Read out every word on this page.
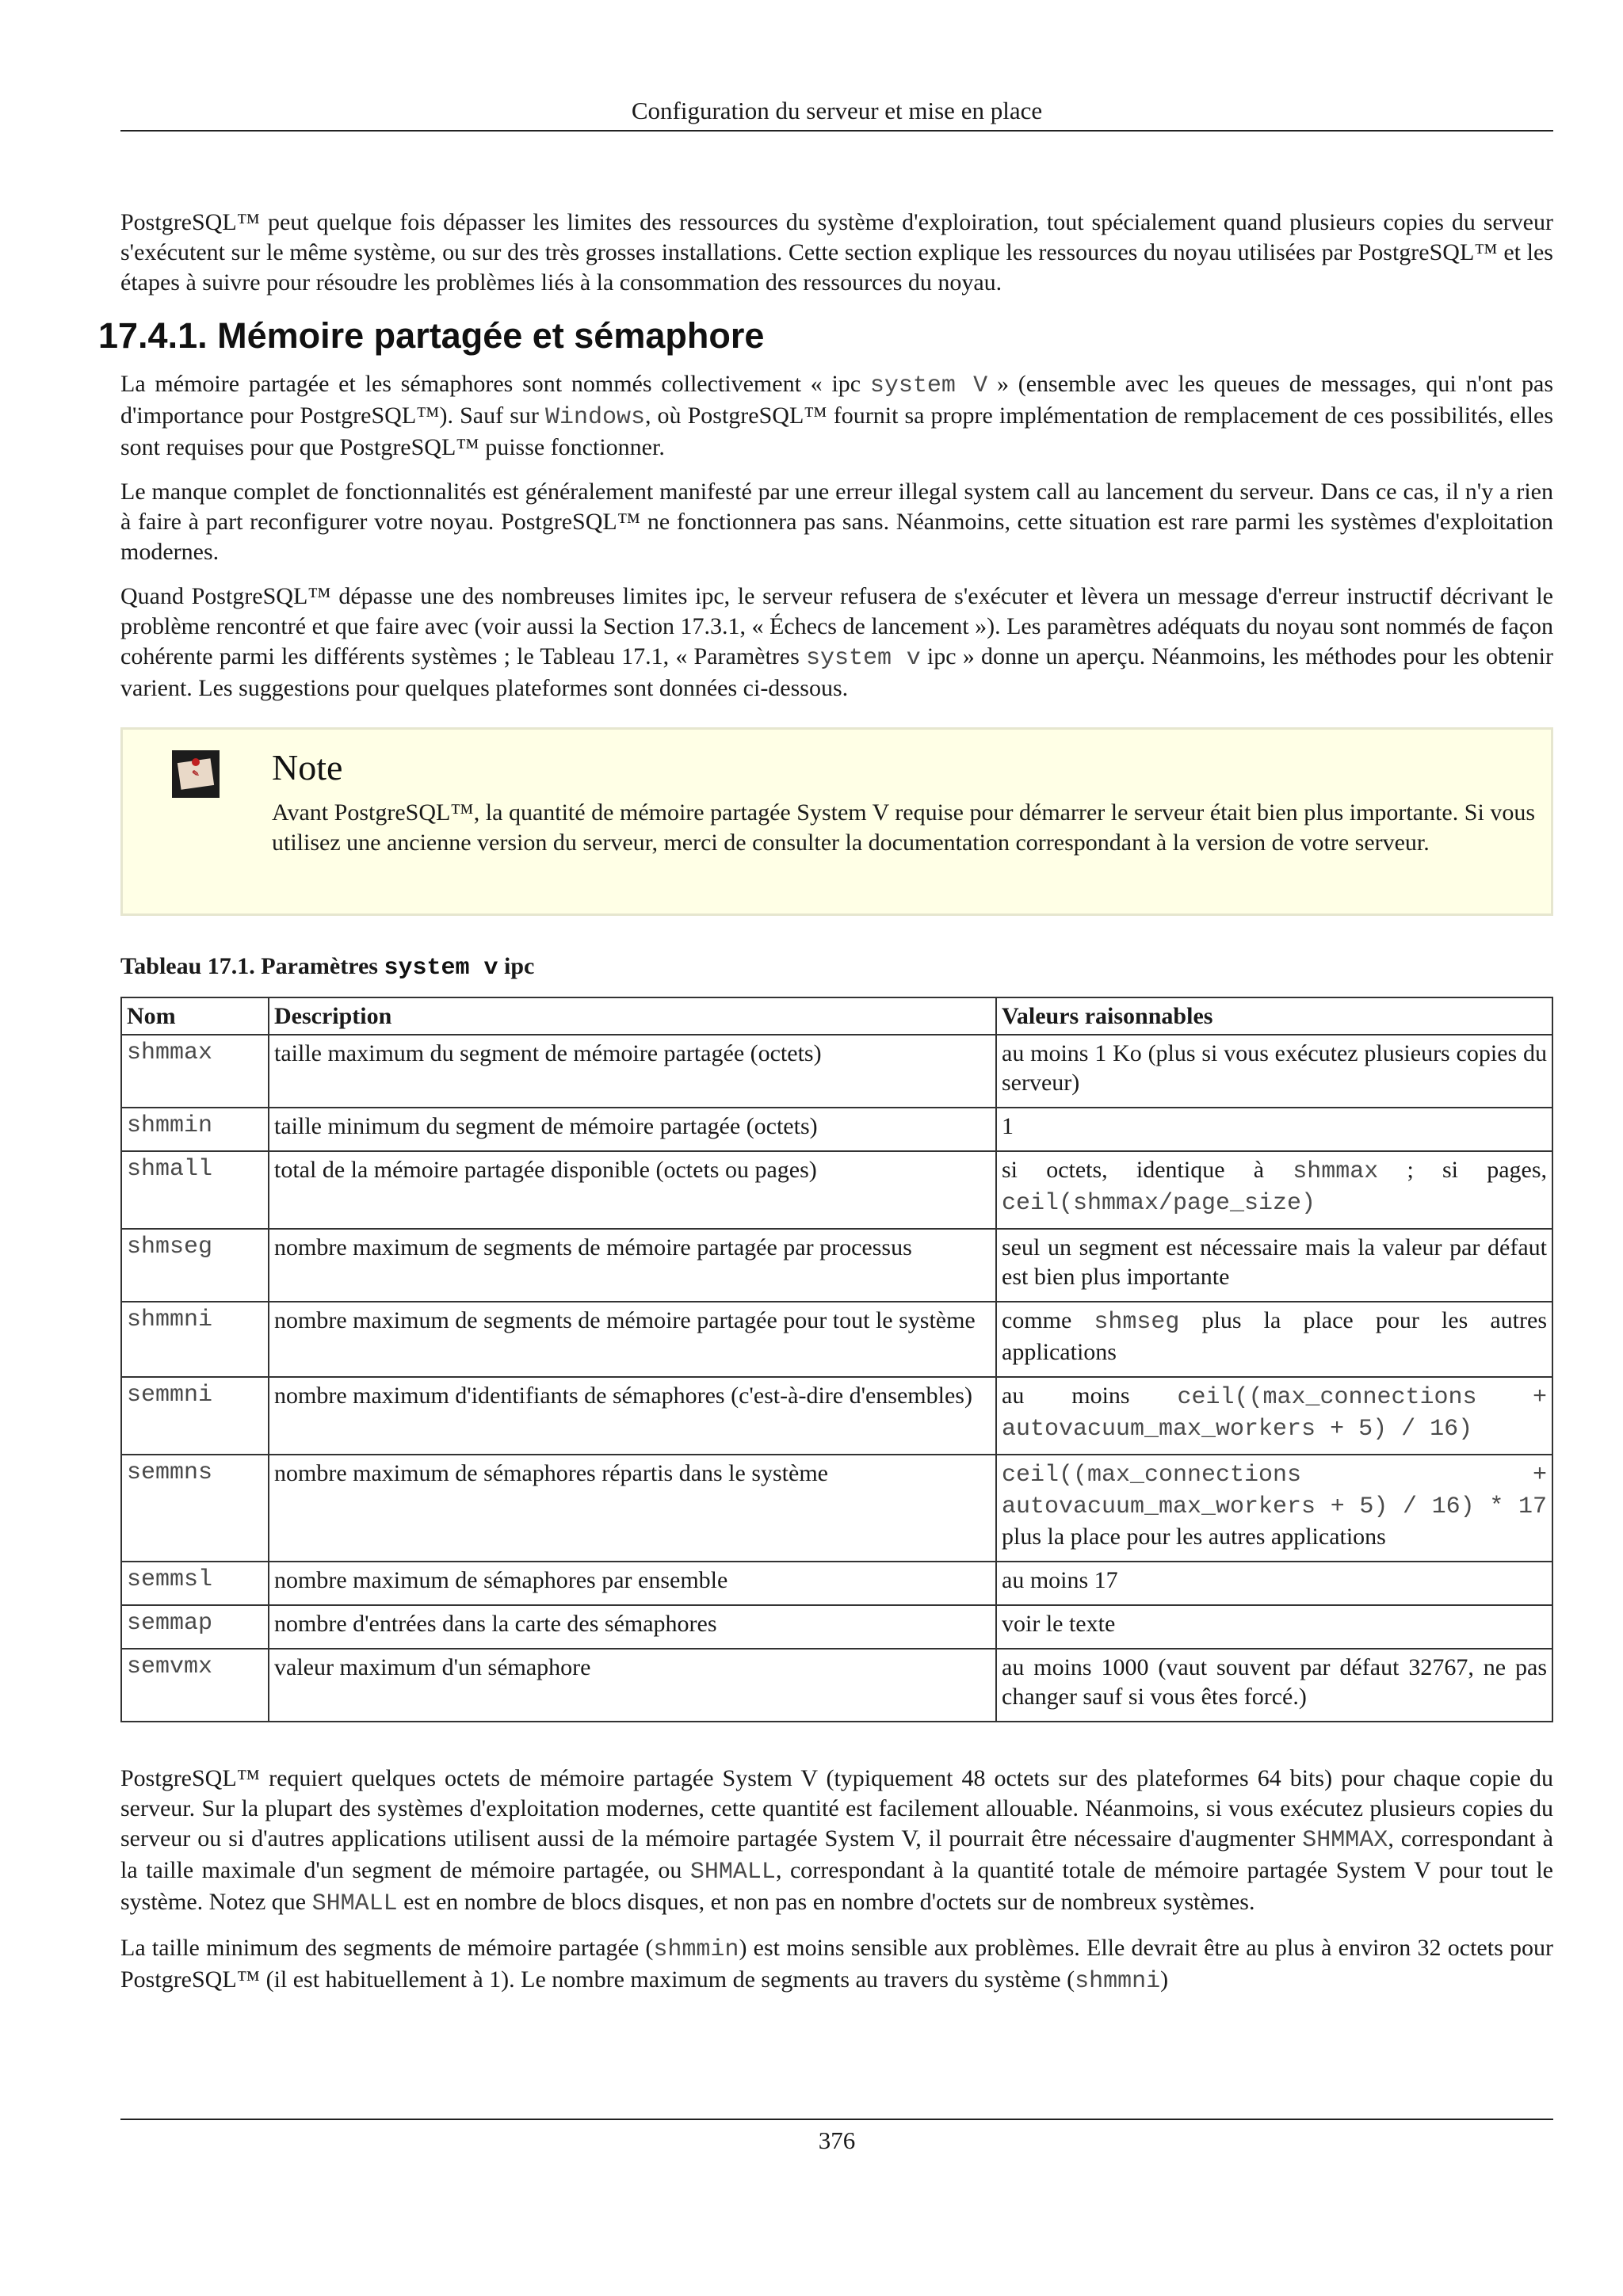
Configuration du serveur et mise en place

PostgreSQL™ peut quelque fois dépasser les limites des ressources du système d'exploiration, tout spécialement quand plusieurs copies du serveur s'exécutent sur le même système, ou sur des très grosses installations. Cette section explique les ressources du noyau utilisées par PostgreSQL™ et les étapes à suivre pour résoudre les problèmes liés à la consommation des ressources du noyau.

17.4.1. Mémoire partagée et sémaphore

La mémoire partagée et les sémaphores sont nommés collectivement « ipc system V » (ensemble avec les queues de messages, qui n'ont pas d'importance pour PostgreSQL™). Sauf sur Windows, où PostgreSQL™ fournit sa propre implémentation de remplacement de ces possibilités, elles sont requises pour que PostgreSQL™ puisse fonctionner.

Le manque complet de fonctionnalités est généralement manifesté par une erreur illegal system call au lancement du serveur. Dans ce cas, il n'y a rien à faire à part reconfigurer votre noyau. PostgreSQL™ ne fonctionnera pas sans. Néanmoins, cette situation est rare parmi les systèmes d'exploitation modernes.

Quand PostgreSQL™ dépasse une des nombreuses limites ipc, le serveur refusera de s'exécuter et lèvera un message d'erreur instructif décrivant le problème rencontré et que faire avec (voir aussi la Section 17.3.1, « Échecs de lancement »). Les paramètres adéquats du noyau sont nommés de façon cohérente parmi les différents systèmes ; le Tableau 17.1, « Paramètres system v ipc » donne un aperçu. Néanmoins, les méthodes pour les obtenir varient. Les suggestions pour quelques plateformes sont données ci-dessous.

✎	Note

Avant PostgreSQL™, la quantité de mémoire partagée System V requise pour démarrer le serveur était bien plus importante. Si vous utilisez une ancienne version du serveur, merci de consulter la documentation correspondant à la version de votre serveur.

Tableau 17.1. Paramètres system v ipc
Nom	Description	Valeurs raisonnables
shmmax	taille maximum du segment de mémoire partagée (octets)	au moins 1 Ko (plus si vous exécutez plusieurs copies du serveur)
shmmin	taille minimum du segment de mémoire partagée (octets)	1
shmall	total de la mémoire partagée disponible (octets ou pages)	si octets, identique à shmmax ; si pages, ceil(shmmax/page_size)
shmseg	nombre maximum de segments de mémoire partagée par processus	seul un segment est nécessaire mais la valeur par défaut est bien plus importante
shmmni	nombre maximum de segments de mémoire partagée pour tout le système	comme shmseg plus la place pour les autres applications
semmni	nombre maximum d'identifiants de sémaphores (c'est-à-dire d'ensembles)	au moins ceil((max_connections + autovacuum_max_workers + 5) / 16)
semmns	nombre maximum de sémaphores répartis dans le système	ceil((max_connections + autovacuum_max_workers + 5) / 16) * 17 plus la place pour les autres applications
semmsl	nombre maximum de sémaphores par ensemble	au moins 17
semmap	nombre d'entrées dans la carte des sémaphores	voir le texte
semvmx	valeur maximum d'un sémaphore	au moins 1000 (vaut souvent par défaut 32767, ne pas changer sauf si vous êtes forcé.)

PostgreSQL™ requiert quelques octets de mémoire partagée System V (typiquement 48 octets sur des plateformes 64 bits) pour chaque copie du serveur. Sur la plupart des systèmes d'exploitation modernes, cette quantité est facilement allouable. Néanmoins, si vous exécutez plusieurs copies du serveur ou si d'autres applications utilisent aussi de la mémoire partagée System V, il pourrait être nécessaire d'augmenter SHMMAX, correspondant à la taille maximale d'un segment de mémoire partagée, ou SHMALL, correspondant à la quantité totale de mémoire partagée System V pour tout le système. Notez que SHMALL est en nombre de blocs disques, et non pas en nombre d'octets sur de nombreux systèmes.

La taille minimum des segments de mémoire partagée (shmmin) est moins sensible aux problèmes. Elle devrait être au plus à environ 32 octets pour PostgreSQL™ (il est habituellement à 1). Le nombre maximum de segments au travers du système (shmmni)

376
